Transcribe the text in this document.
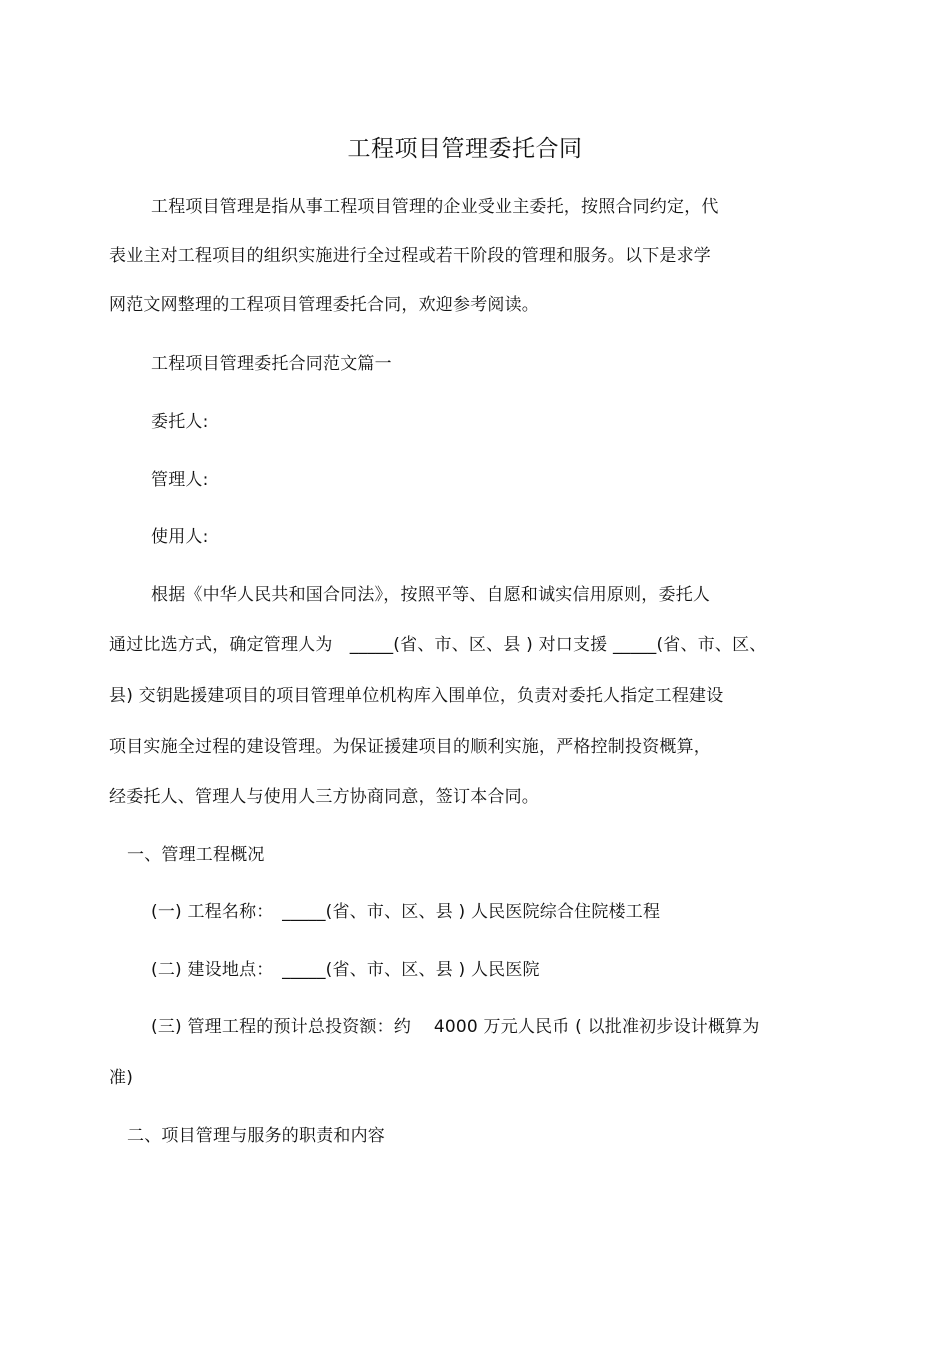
工程项目管理委托合同
工程项目管理是指从事工程项目管理的企业受业主委托，按照合同约定，代
表业主对工程项目的组织实施进行全过程或若干阶段的管理和服务。以下是求学
网范文网整理的工程项目管理委托合同，欢迎参考阅读。
工程项目管理委托合同范文篇一
委托人:
管理人:
使用人:
根据《中华人民共和国合同法》，按照平等、自愿和诚实信用原则，委托人
通过比选方式，确定管理人为　_____(省、市、区、县 ) 对口支援 _____(省、市、区、
县) 交钥匙援建项目的项目管理单位机构库入围单位，负责对委托人指定工程建设
项目实施全过程的建设管理。为保证援建项目的顺利实施，严格控制投资概算，
经委托人、管理人与使用人三方协商同意，签订本合同。
一、管理工程概况
(一) 工程名称：　_____(省、市、区、县 ) 人民医院综合住院楼工程
(二) 建设地点：　_____(省、市、区、县 ) 人民医院
(三) 管理工程的预计总投资额：约　 4000 万元人民币 ( 以批准初步设计概算为
准)
二、项目管理与服务的职责和内容
